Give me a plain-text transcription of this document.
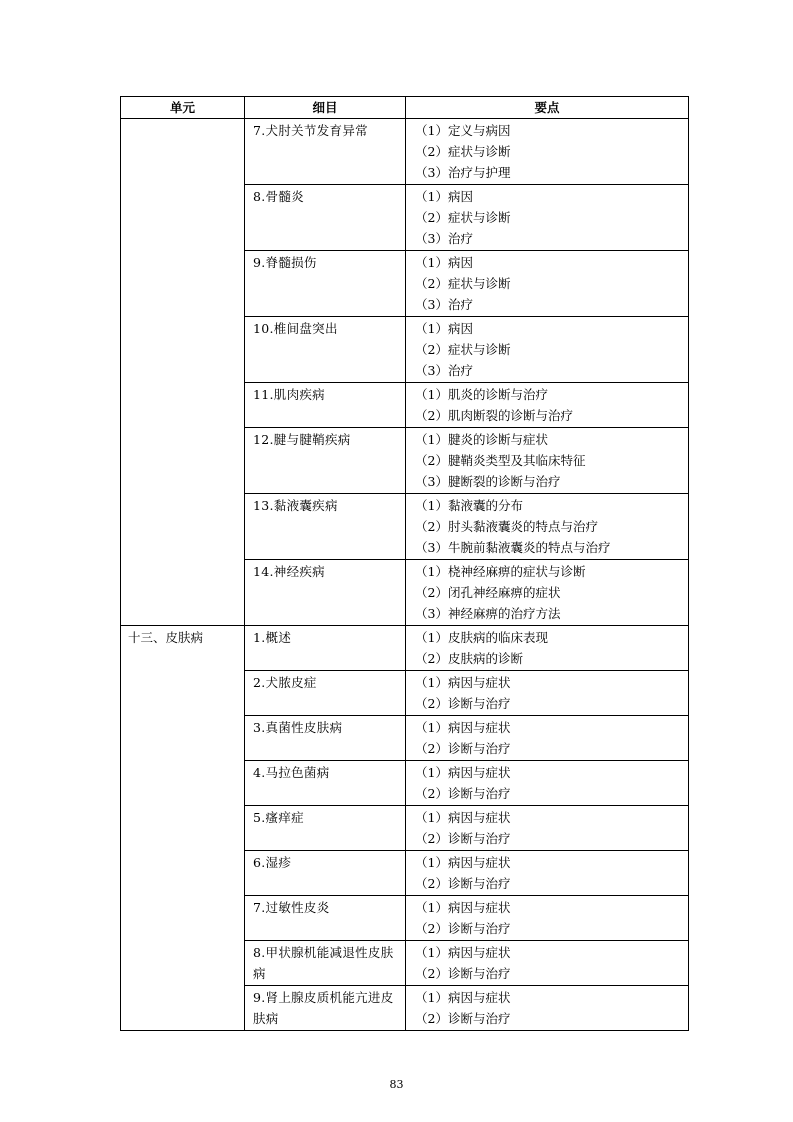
单元	细目	要点

	7.犬肘关节发育异常	（1）定义与病因
（2）症状与诊断
（3）治疗与护理

	8.骨髓炎	（1）病因
（2）症状与诊断
（3）治疗

	9.脊髓损伤	（1）病因
（2）症状与诊断
（3）治疗

	10.椎间盘突出	（1）病因
（2）症状与诊断
（3）治疗

	11.肌肉疾病	（1）肌炎的诊断与治疗
（2）肌肉断裂的诊断与治疗

	12.腱与腱鞘疾病	（1）腱炎的诊断与症状
（2）腱鞘炎类型及其临床特征
（3）腱断裂的诊断与治疗

	13.黏液囊疾病	（1）黏液囊的分布
（2）肘头黏液囊炎的特点与治疗
（3）牛腕前黏液囊炎的特点与治疗

	14.神经疾病	（1）桡神经麻痹的症状与诊断
（2）闭孔神经麻痹的症状
（3）神经麻痹的治疗方法

十三、皮肤病	1.概述	（1）皮肤病的临床表现
（2）皮肤病的诊断

	2.犬脓皮症	（1）病因与症状
（2）诊断与治疗

	3.真菌性皮肤病	（1）病因与症状
（2）诊断与治疗

	4.马拉色菌病	（1）病因与症状
（2）诊断与治疗

	5.瘙痒症	（1）病因与症状
（2）诊断与治疗

	6.湿疹	（1）病因与症状
（2）诊断与治疗

	7.过敏性皮炎	（1）病因与症状
（2）诊断与治疗

	8.甲状腺机能减退性皮肤病	（1）病因与症状
（2）诊断与治疗

	9.肾上腺皮质机能亢进皮肤病	（1）病因与症状
（2）诊断与治疗
83
